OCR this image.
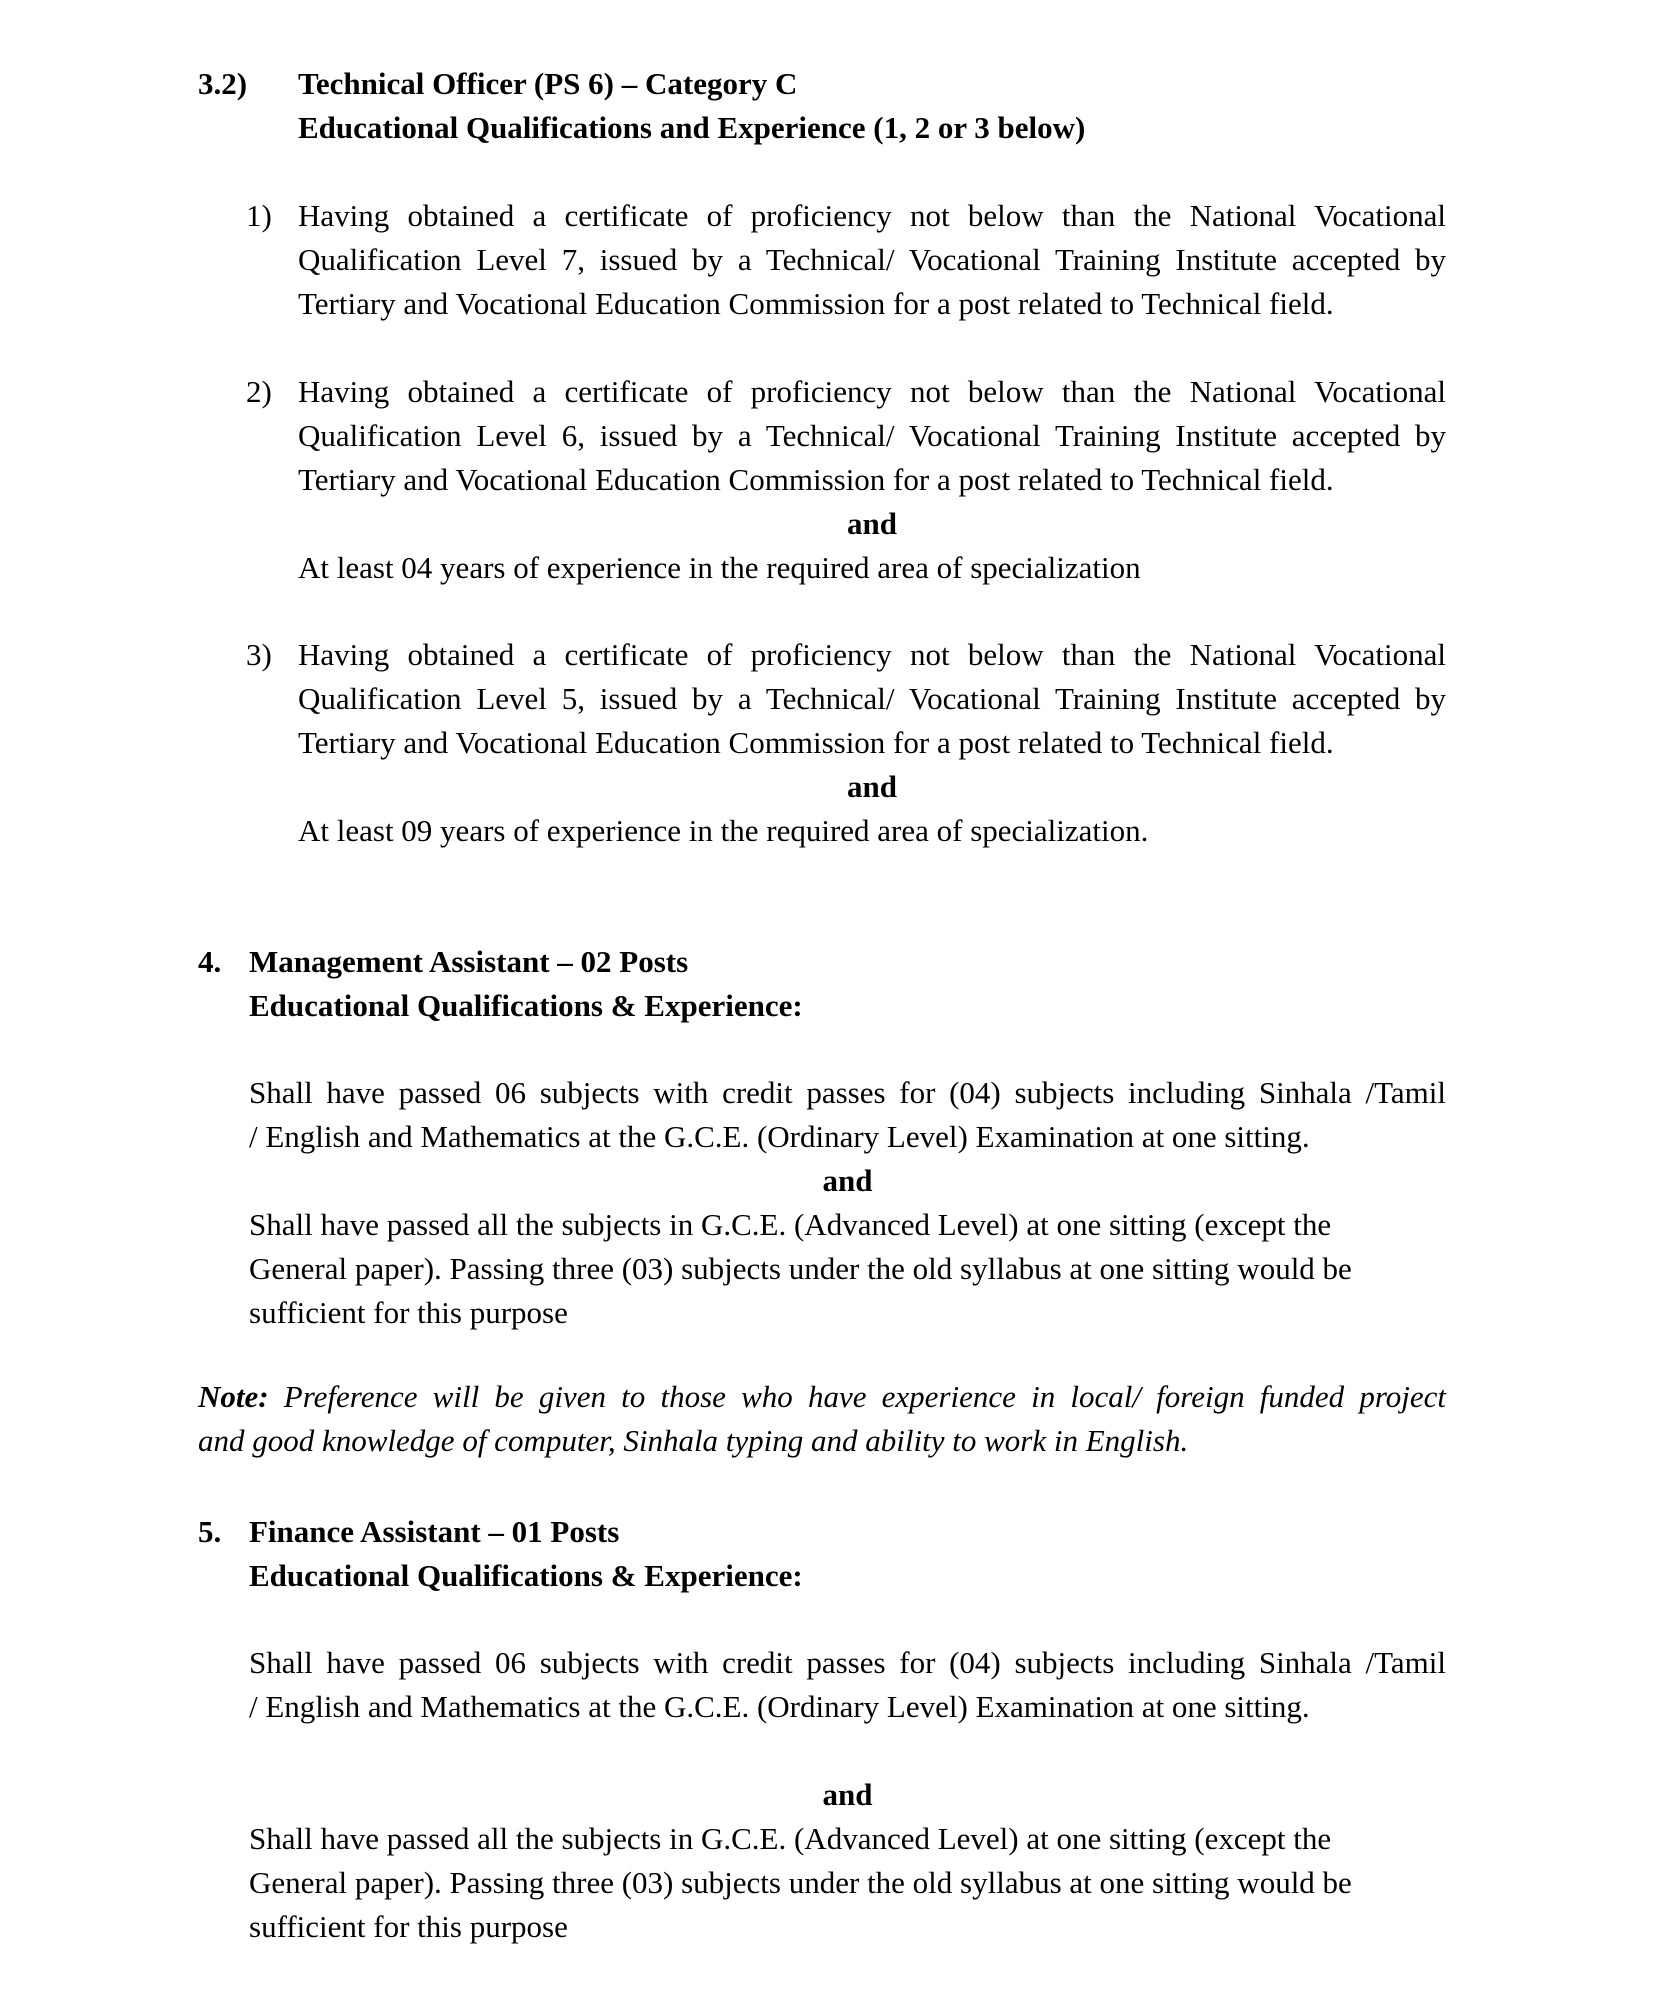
3.2) Technical Officer (PS 6) – Category C
Educational Qualifications and Experience (1, 2 or 3 below)
1) Having obtained a certificate of proficiency not below than the National Vocational
Qualification Level 7, issued by a Technical/ Vocational Training Institute accepted by
Tertiary and Vocational Education Commission for a post related to Technical field.
2) Having obtained a certificate of proficiency not below than the National Vocational
Qualification Level 6, issued by a Technical/ Vocational Training Institute accepted by
Tertiary and Vocational Education Commission for a post related to Technical field.
and
At least 04 years of experience in the required area of specialization
3) Having obtained a certificate of proficiency not below than the National Vocational
Qualification Level 5, issued by a Technical/ Vocational Training Institute accepted by
Tertiary and Vocational Education Commission for a post related to Technical field.
and
At least 09 years of experience in the required area of specialization.
4. Management Assistant – 02 Posts
Educational Qualifications & Experience:
Shall have passed 06 subjects with credit passes for (04) subjects including Sinhala /Tamil
/ English and Mathematics at the G.C.E. (Ordinary Level) Examination at one sitting.
and
Shall have passed all the subjects in G.C.E. (Advanced Level) at one sitting (except the
General paper). Passing three (03) subjects under the old syllabus at one sitting would be
sufficient for this purpose
Note: Preference will be given to those who have experience in local/ foreign funded project
and good knowledge of computer, Sinhala typing and ability to work in English.
5. Finance Assistant – 01 Posts
Educational Qualifications & Experience:
Shall have passed 06 subjects with credit passes for (04) subjects including Sinhala /Tamil
/ English and Mathematics at the G.C.E. (Ordinary Level) Examination at one sitting.
and
Shall have passed all the subjects in G.C.E. (Advanced Level) at one sitting (except the
General paper). Passing three (03) subjects under the old syllabus at one sitting would be
sufficient for this purpose
